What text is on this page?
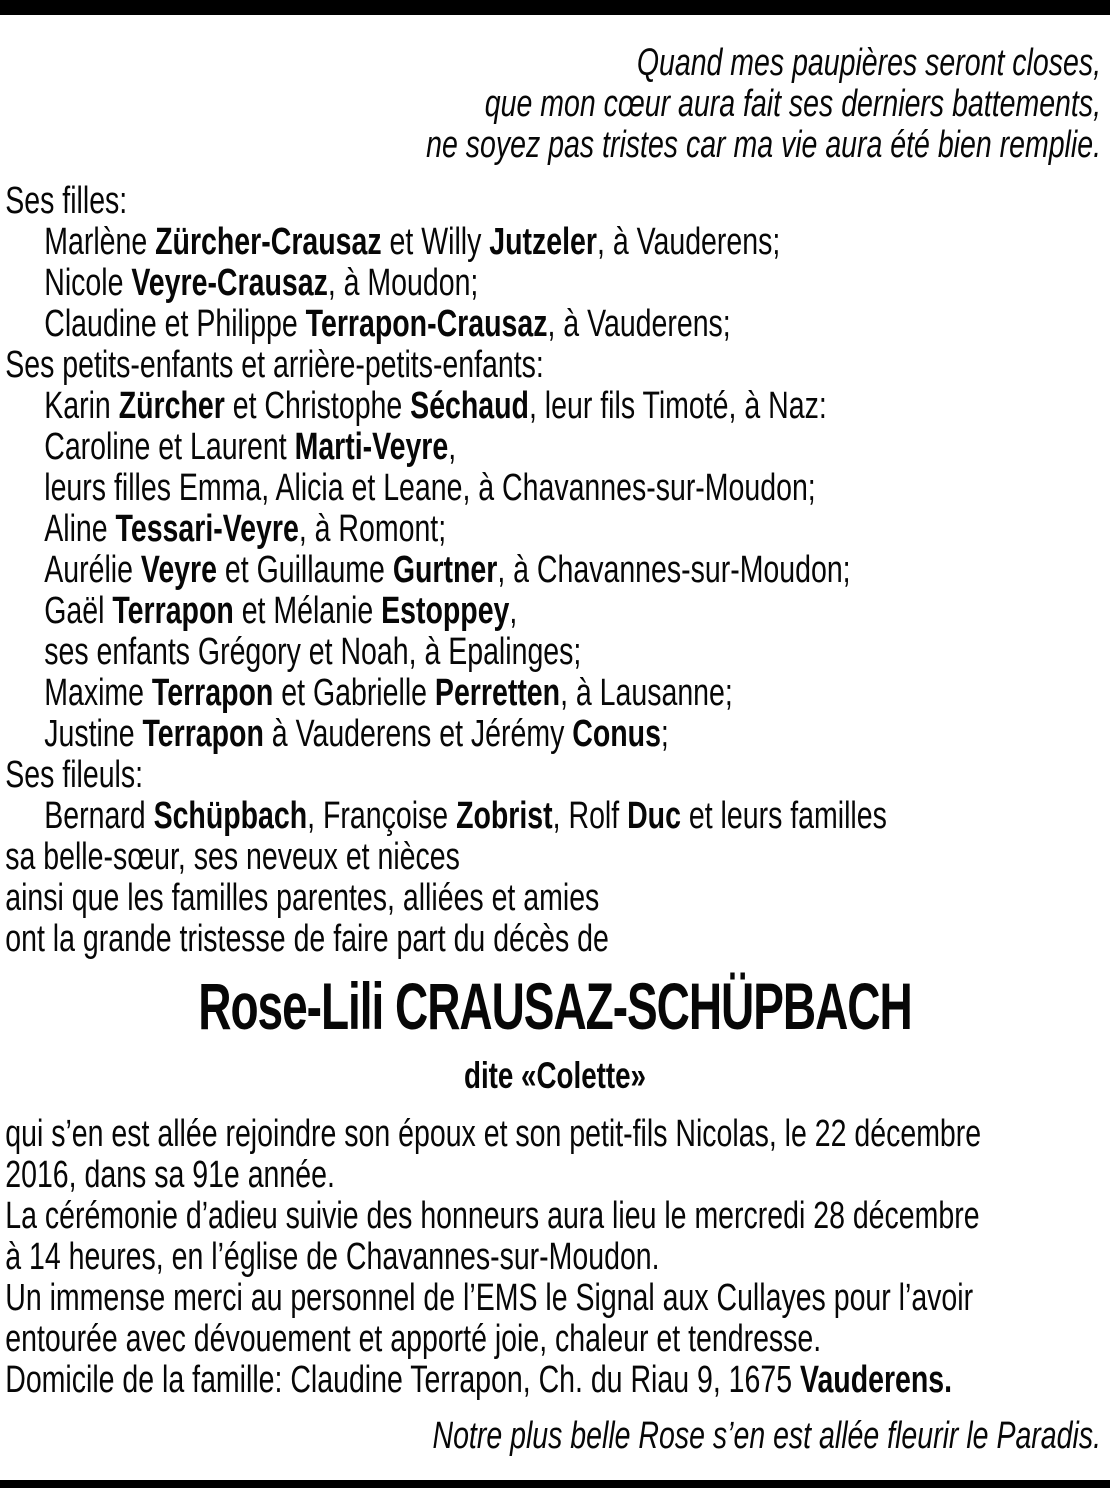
Quand mes paupières seront closes,
que mon cœur aura fait ses derniers battements,
ne soyez pas tristes car ma vie aura été bien remplie.
Ses filles:
Marlène Zürcher-Crausaz et Willy Jutzeler, à Vauderens;
Nicole Veyre-Crausaz, à Moudon;
Claudine et Philippe Terrapon-Crausaz, à Vauderens;
Ses petits-enfants et arrière-petits-enfants:
Karin Zürcher et Christophe Séchaud, leur fils Timoté, à Naz:
Caroline et Laurent Marti-Veyre,
leurs filles Emma, Alicia et Leane, à Chavannes-sur-Moudon;
Aline Tessari-Veyre, à Romont;
Aurélie Veyre et Guillaume Gurtner, à Chavannes-sur-Moudon;
Gaël Terrapon et Mélanie Estoppey,
ses enfants Grégory et Noah, à Epalinges;
Maxime Terrapon et Gabrielle Perretten, à Lausanne;
Justine Terrapon à Vauderens et Jérémy Conus;
Ses fileuls:
Bernard Schüpbach, Françoise Zobrist, Rolf Duc et leurs familles
sa belle-sœur, ses neveux et nièces
ainsi que les familles parentes, alliées et amies
ont la grande tristesse de faire part du décès de
Rose-Lili CRAUSAZ-SCHÜPBACH
dite «Colette»
qui s’en est allée rejoindre son époux et son petit-fils Nicolas, le 22 décembre
2016, dans sa 91e année.
La cérémonie d’adieu suivie des honneurs aura lieu le mercredi 28 décembre
à 14 heures, en l’église de Chavannes-sur-Moudon.
Un immense merci au personnel de l’EMS le Signal aux Cullayes pour l’avoir
entourée avec dévouement et apporté joie, chaleur et tendresse.
Domicile de la famille: Claudine Terrapon, Ch. du Riau 9, 1675 Vauderens.
Notre plus belle Rose s’en est allée fleurir le Paradis.
